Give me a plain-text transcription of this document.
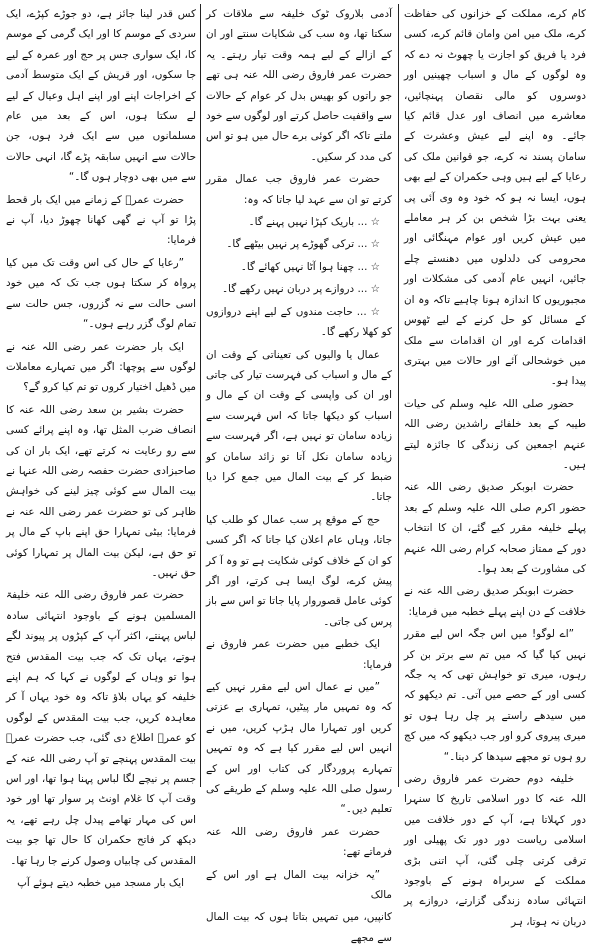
کام کرے، مملکت کے خزانوں کی حفاظت کرے، ملک میں امن وامان قائم کرے، کسی فرد یا فریق کو اجازت یا چھوٹ نہ دے کہ وہ لوگوں کے مال و اسباب چھینیں اور دوسروں کو مالی نقصان پہنچائیں، معاشرے میں انصاف اور عدل قائم کیا جائے۔ وہ اپنے لیے عیش وعشرت کے سامان پسند نہ کرے، جو قوانین ملک کی رعایا کے لیے ہیں وہی حکمران کے لیے بھی ہوں، ایسا نہ ہو کہ خود وہ وی آئی پی یعنی بہت بڑا شخص بن کر ہر معاملے میں عیش کریں اور عوام مہنگائی اور محرومی کی دلدلوں میں دھنستے چلے جائیں، انہیں عام آدمی کی مشکلات اور مجبوریوں کا اندازہ ہونا چاہیے تاکہ وہ ان کے مسائل کو حل کرنے کے لیے ٹھوس اقدامات کرے اور ان اقدامات سے ملک میں خوشحالی آئے اور حالات میں بہتری پیدا ہو۔

حضور صلی اللہ علیہ وسلم کی حیات طیبہ کے بعد خلفائے راشدین رضی اللہ عنہم اجمعین کی زندگی کا جائزہ لیتے ہیں۔

حضرت ابوبکر صدیق رضی اللہ عنہ حضور اکرم صلی اللہ علیہ وسلم کے بعد پہلے خلیفہ مقرر کیے گئے، ان کا انتخاب دور کے ممتاز صحابہ کرام رضی اللہ عنہم کی مشاورت کے بعد ہوا۔

حضرت ابوبکر صدیق رضی اللہ عنہ نے خلافت کے دن اپنے پہلے خطبہ میں فرمایا:

”اے لوگو! میں اس جگہ اس لیے مقرر نہیں کیا گیا کہ میں تم سے برتر بن کر رہوں، میری تو خواہش تھی کہ یہ جگہ کسی اور کے حصے میں آتی۔ تم دیکھو کہ میں سیدھے راستے پر چل رہا ہوں تو میری پیروی کرو اور جب دیکھو کہ میں کج رو ہوں تو مجھے سیدھا کر دینا۔“

خلیفہ دوم حضرت عمر فاروق رضی اللہ عنہ کا دور اسلامی تاریخ کا سنہرا دور کہلاتا ہے، آپ کے دور خلافت میں اسلامی ریاست دور دور تک پھیلی اور ترقی کرتی چلی گئی، آپ اتنی بڑی مملکت کے سربراہ ہونے کے باوجود انتہائی سادہ زندگی گزارتے، دروازے پر دربان نہ ہوتا، ہر

آدمی بلاروک ٹوک خلیفہ سے ملاقات کر سکتا تھا، وہ سب کی شکایات سنتے اور ان کے ازالے کے لیے ہمہ وقت تیار رہتے۔ یہ حضرت عمر فاروق رضی اللہ عنہ ہی تھے جو راتوں کو بھیس بدل کر عوام کے حالات سے واقفیت حاصل کرتے اور لوگوں سے خود ملتے تاکہ اگر کوئی برے حال میں ہو تو اس کی مدد کر سکیں۔

حضرت عمر فاروق جب عمال مقرر کرتے تو ان سے عہد لیا جاتا کہ وہ:

☆ ... باریک کپڑا نہیں پہنے گا۔

☆ ... ترکی گھوڑے پر نہیں بیٹھے گا۔

☆ ... چھنا ہوا آٹا نہیں کھائے گا۔

☆ ... دروازے پر دربان نہیں رکھے گا۔

☆ ... حاجت مندوں کے لیے اپنے دروازوں کو کھلا رکھے گا۔

عمال یا والیوں کی تعیناتی کے وقت ان کے مال و اسباب کی فہرست تیار کی جاتی اور ان کی واپسی کے وقت ان کے مال و اسباب کو دیکھا جاتا کہ اس فہرست سے زیادہ سامان تو نہیں ہے، اگر فہرست سے زیادہ سامان نکل آتا تو زائد سامان کو ضبط کر کے بیت المال میں جمع کرا دیا جاتا۔

حج کے موقع پر سب عمال کو طلب کیا جاتا، وہاں عام اعلان کیا جاتا کہ اگر کسی کو ان کے خلاف کوئی شکایت ہے تو وہ آ کر پیش کرے، لوگ ایسا ہی کرتے، اور اگر کوئی عامل قصوروار پایا جاتا تو اس سے باز پرس کی جاتی۔

ایک خطبے میں حضرت عمر فاروق نے فرمایا:

”میں نے عمال اس لیے مقرر نہیں کیے کہ وہ تمہیں مار پیٹیں، تمہاری بے عزتی کریں اور تمہارا مال ہڑپ کریں، میں نے انہیں اس لیے مقرر کیا ہے کہ وہ تمہیں تمہارے پروردگار کی کتاب اور اس کے رسول صلی اللہ علیہ وسلم کے طریقے کی تعلیم دیں۔“

حضرت عمر فاروق رضی اللہ عنہ فرماتے تھے:

”یہ خزانہ بیت المال ہے اور اس کے مالک

کانپیں، میں تمہیں بتاتا ہوں کہ بیت المال سے مجھے

کس قدر لینا جائز ہے، دو جوڑے کپڑے، ایک سردی کے موسم کا اور ایک گرمی کے موسم کا، ایک سواری جس پر حج اور عمرہ کے لیے جا سکوں، اور قریش کے ایک متوسط آدمی کے اخراجات اپنے اور اپنے اہل وعیال کے لیے لے سکتا ہوں، اس کے بعد میں عام مسلمانوں میں سے ایک فرد ہوں، جن حالات سے انہیں سابقہ پڑے گا، انہی حالات سے میں بھی دوچار ہوں گا۔“

حضرت عمرؓ کے زمانے میں ایک بار قحط پڑا تو آپ نے گھی کھانا چھوڑ دیا، آپ نے فرمایا:

”رعایا کے حال کی اس وقت تک میں کیا پرواہ کر سکتا ہوں جب تک کہ میں خود اسی حالت سے نہ گزروں، جس حالت سے تمام لوگ گزر رہے ہوں۔“

ایک بار حضرت عمر رضی اللہ عنہ نے لوگوں سے پوچھا: اگر میں تمہارے معاملات میں ڈھیل اختیار کروں تو تم کیا کرو گے؟

حضرت بشیر بن سعد رضی اللہ عنہ کا انصاف ضرب المثل تھا، وہ اپنے پرائے کسی سے رو رعایت نہ کرتے تھے، ایک بار ان کی صاحبزادی حضرت حفصہ رضی اللہ عنہا نے بیت المال سے کوئی چیز لینے کی خواہش ظاہر کی تو حضرت عمر رضی اللہ عنہ نے فرمایا: بیٹی تمہارا حق اپنے باپ کے مال پر تو حق ہے، لیکن بیت المال پر تمہارا کوئی حق نہیں۔

حضرت عمر فاروق رضی اللہ عنہ خلیفۃ المسلمین ہونے کے باوجود انتہائی سادہ لباس پہنتے، اکثر آپ کے کپڑوں پر پیوند لگے ہوتے، یہاں تک کہ جب بیت المقدس فتح ہوا تو وہاں کے لوگوں نے کہا کہ ہم اپنے خلیفہ کو یہاں بلاؤ تاکہ وہ خود یہاں آ کر معاہدہ کریں، جب بیت المقدس کے لوگوں کو عمرؓ اطلاع دی گئی، جب حضرت عمرؓ بیت المقدس پہنچے تو آپ رضی اللہ عنہ کے جسم پر نیچے لگا لباس پہنا ہوا تھا، اور اس وقت آپ کا غلام اونٹ پر سوار تھا اور خود اس کی مہار تھامے پیدل چل رہے تھے، یہ دیکھ کر فاتح حکمران کا حال تھا جو بیت المقدس کی چابیاں وصول کرنے جا رہا تھا۔

ایک بار مسجد میں خطبہ دیتے ہوئے آپ
